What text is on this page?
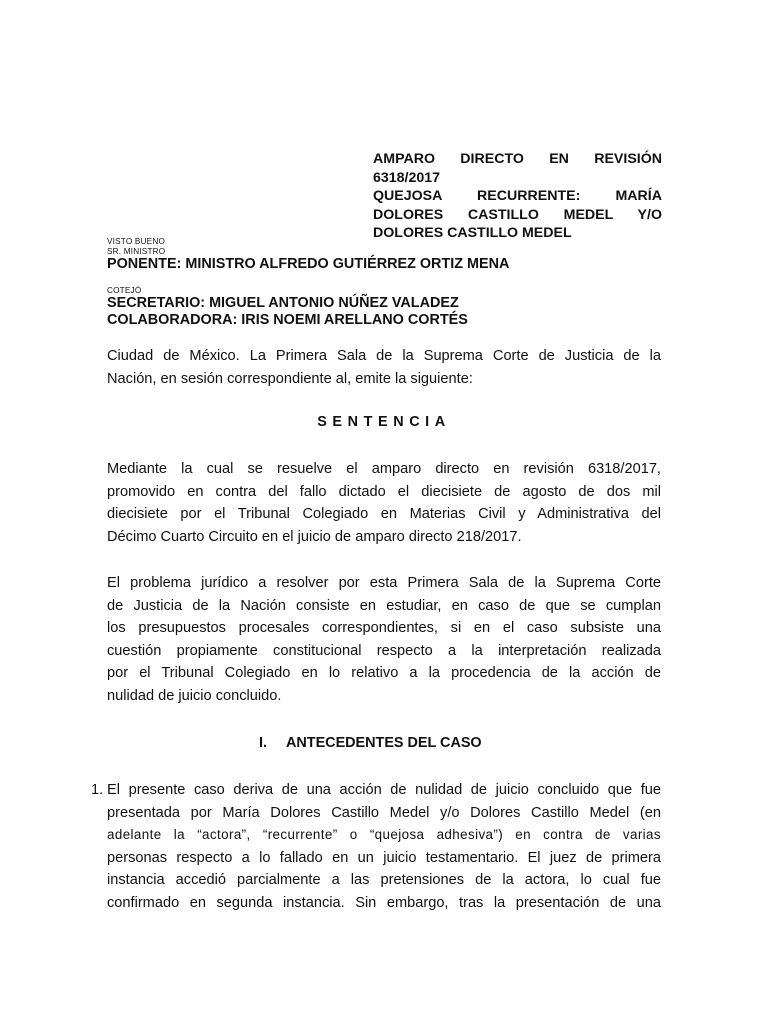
AMPARO DIRECTO EN REVISIÓN
6318/2017
QUEJOSA RECURRENTE: MARÍA
DOLORES CASTILLO MEDEL Y/O
DOLORES CASTILLO MEDEL
VISTO BUENO
SR. MINISTRO
PONENTE: MINISTRO ALFREDO GUTIÉRREZ ORTIZ MENA
COTEJÓ
SECRETARIO: MIGUEL ANTONIO NÚÑEZ VALADEZ
COLABORADORA: IRIS NOEMI ARELLANO CORTÉS
Ciudad de México. La Primera Sala de la Suprema Corte de Justicia de la
Nación, en sesión correspondiente al, emite la siguiente:
SENTENCIA
Mediante la cual se resuelve el amparo directo en revisión 6318/2017,
promovido en contra del fallo dictado el diecisiete de agosto de dos mil
diecisiete por el Tribunal Colegiado en Materias Civil y Administrativa del
Décimo Cuarto Circuito en el juicio de amparo directo 218/2017.
El problema jurídico a resolver por esta Primera Sala de la Suprema Corte
de Justicia de la Nación consiste en estudiar, en caso de que se cumplan
los presupuestos procesales correspondientes, si en el caso subsiste una
cuestión propiamente constitucional respecto a la interpretación realizada
por el Tribunal Colegiado en lo relativo a la procedencia de la acción de
nulidad de juicio concluido.
I. ANTECEDENTES DEL CASO
1. El presente caso deriva de una acción de nulidad de juicio concluido que fue
presentada por María Dolores Castillo Medel y/o Dolores Castillo Medel (en
adelante la “actora”, “recurrente” o “quejosa adhesiva”) en contra de varias
personas respecto a lo fallado en un juicio testamentario. El juez de primera
instancia accedió parcialmente a las pretensiones de la actora, lo cual fue
confirmado en segunda instancia. Sin embargo, tras la presentación de una
